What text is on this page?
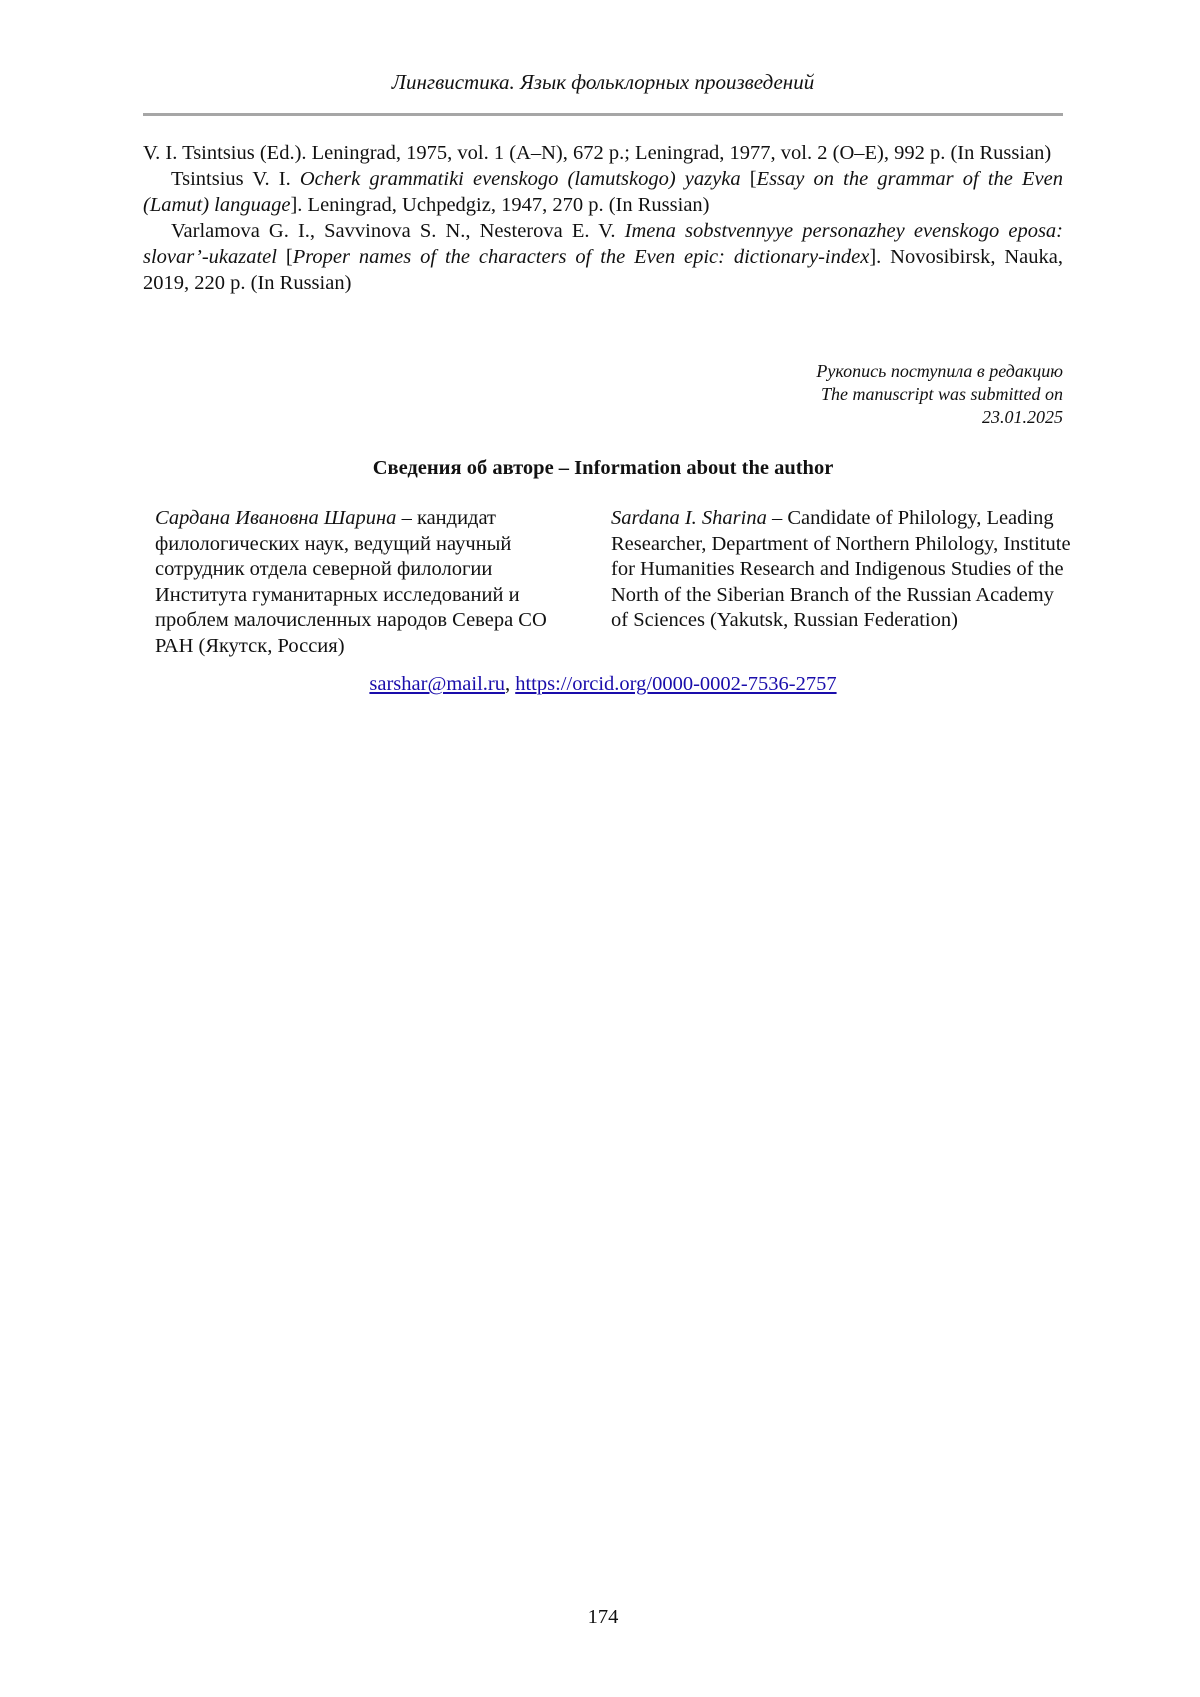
Лингвистика. Язык фольклорных произведений

V. I. Tsintsius (Ed.). Leningrad, 1975, vol. 1 (A–N), 672 p.; Leningrad, 1977, vol. 2 (O–E), 992 p. (In Russian)

Tsintsius V. I. Ocherk grammatiki evenskogo (lamutskogo) yazyka [Essay on the grammar of the Even (Lamut) language]. Leningrad, Uchpedgiz, 1947, 270 p. (In Russian)

Varlamova G. I., Savvinova S. N., Nesterova E. V. Imena sobstvennyye personazhey evenskogo eposa: slovar’-ukazatel [Proper names of the characters of the Even epic: dictionary-index]. Novosibirsk, Nauka, 2019, 220 p. (In Russian)

Рукопись поступила в редакцию
The manuscript was submitted on
23.01.2025
Сведения об авторе – Information about the author
Сардана Ивановна Шарина – кандидат филологических наук, ведущий научный сотрудник отдела северной филологии Института гуманитарных исследований и проблем малочисленных народов Севера СО РАН (Якутск, Россия)
Sardana I. Sharina – Candidate of Philology, Leading Researcher, Department of Northern Philology, Institute for Humanities Research and Indigenous Studies of the North of the Siberian Branch of the Russian Academy of Sciences (Yakutsk, Russian Federation)
sarshar@mail.ru, https://orcid.org/0000-0002-7536-2757
174
